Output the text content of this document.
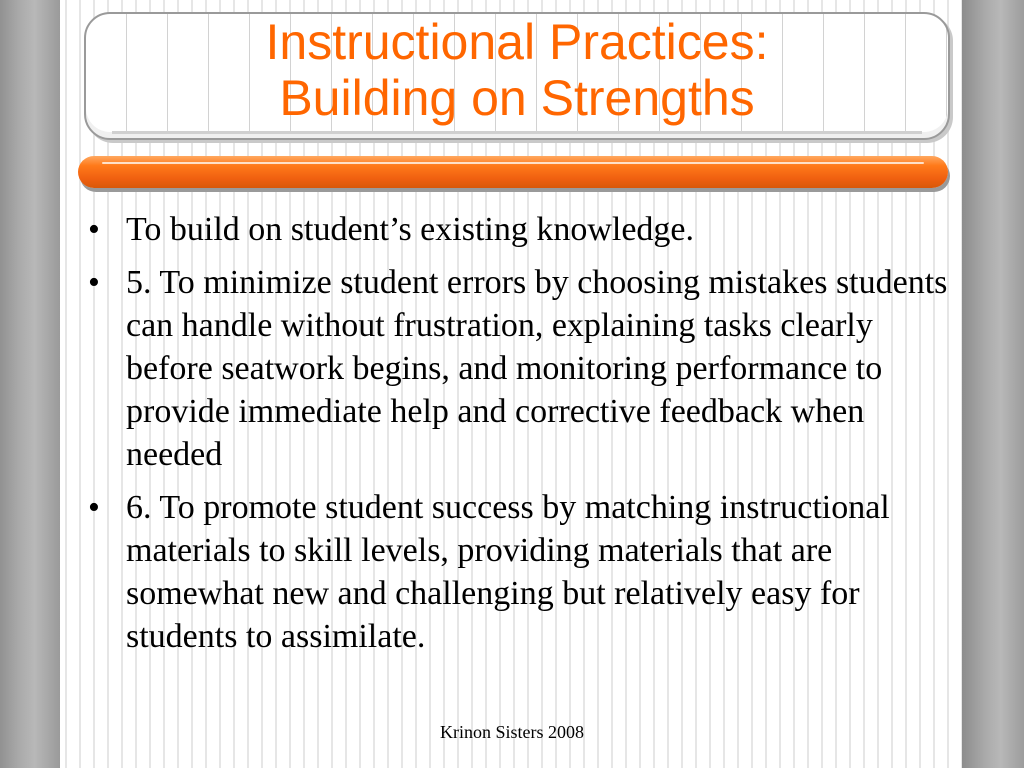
Instructional Practices:
Building on Strengths
• To build on student’s existing knowledge.
• 5. To minimize student errors by choosing mistakes students can handle without frustration, explaining tasks clearly before seatwork begins, and monitoring performance to provide immediate help and corrective feedback when needed
• 6. To promote student success by matching instructional materials to skill levels, providing materials that are somewhat new and challenging but relatively easy for students to assimilate.
Krinon Sisters 2008
